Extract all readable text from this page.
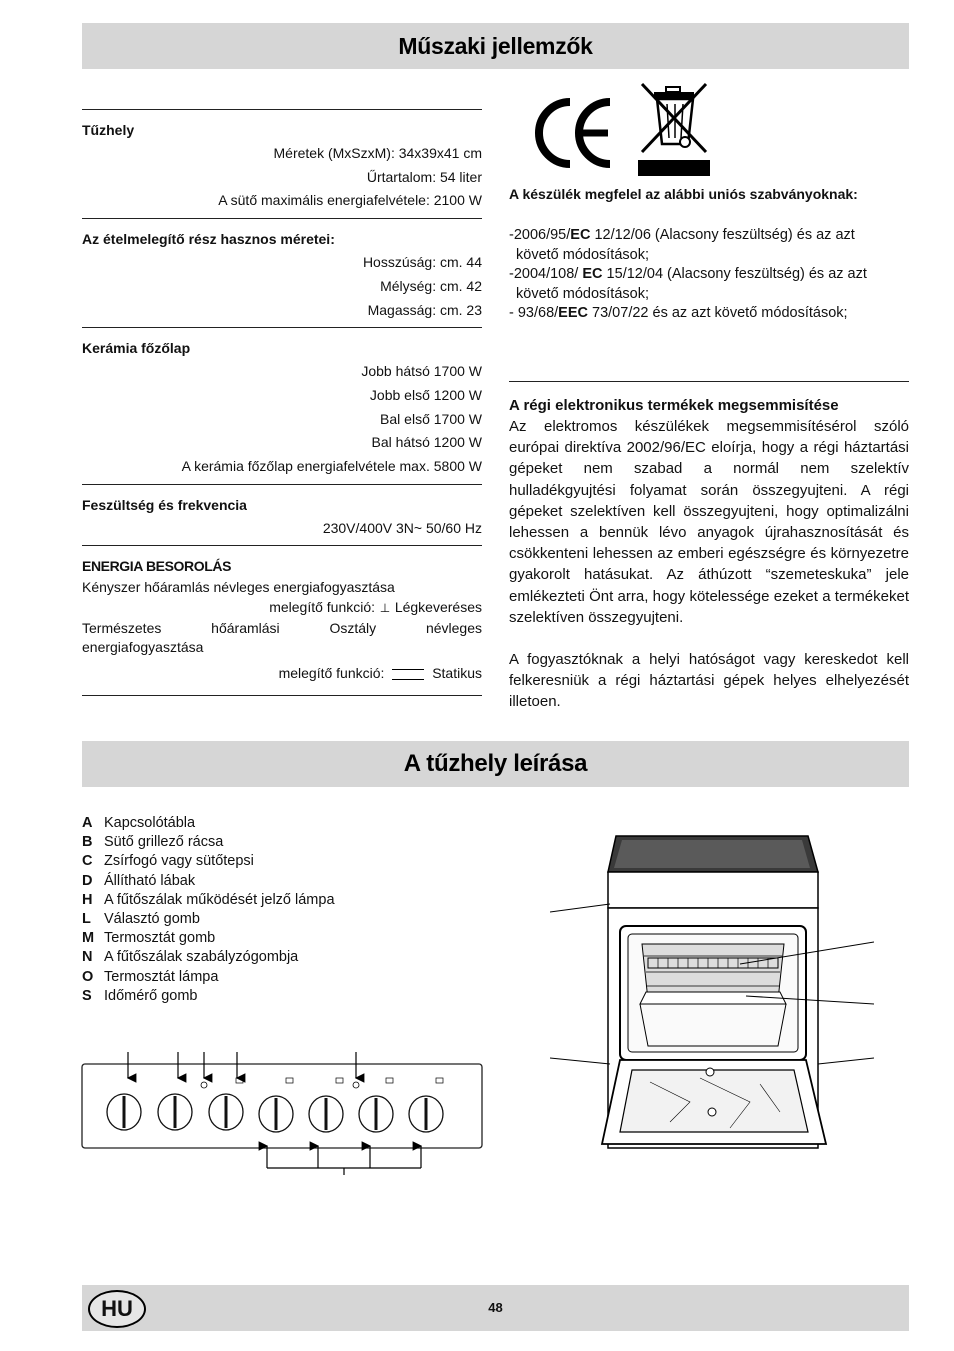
Műszaki jellemzők
Tűzhely
Méretek (MxSzxM): 34x39x41 cm
Űrtartalom: 54 liter
A sütő maximális energiafelvétele: 2100 W
Az ételmelegítő rész hasznos méretei:
Hosszúság: cm. 44
Mélység: cm. 42
Magasság: cm. 23
Kerámia főzőlap
Jobb hátsó 1700 W
Jobb első 1200 W
Bal első 1700 W
Bal hátsó 1200 W
A kerámia főzőlap energiafelvétele max. 5800 W
Feszültség és frekvencia
230V/400V 3N~ 50/60 Hz
ENERGIA BESOROLÁS
Kényszer hőáramlás névleges energiafogyasztása
melegítő funkció: ⊥ Légkeveréses
Természetes hőáramlási Osztály névleges
energiafogyasztása
melegítő funkció:	Statikus
A készülék megfelel az alábbi uniós szabványoknak:
-2006/95/EC 12/12/06 (Alacsony feszültség) és az azt
követő módosítások;
-2004/108/ EC 15/12/04 (Alacsony feszültség) és az azt
követő módosítások;
- 93/68/EEC 73/07/22 és az azt követő módosítások;
A régi elektronikus termékek megsemmisítése

Az elektromos készülékek megsemmisítésérol szóló európai direktíva 2002/96/EC eloírja, hogy a régi háztartási gépeket nem szabad a normál nem szelektív hulladékgyujtési folyamat során összegyujteni. A régi gépeket szelektíven kell összegyujteni, hogy optimalizálni lehessen a bennük lévo anyagok újrahasznosítását és csökkenteni lehessen az emberi egészségre és környezetre gyakorolt hatásukat. Az áthúzott “szemeteskuka” jele emlékezteti Önt arra, hogy kötelessége ezeket a termékeket szelektíven összegyujteni.

A fogyasztóknak a helyi hatóságot vagy kereskedot kell felkeresniük a régi háztartási gépek helyes elhelyezését illetoen.

A tűzhely leírása
A Kapcsolótábla
B Sütő grillező rácsa
C Zsírfogó vagy sütőtepsi
D Állítható lábak
H A fűtőszálak működését jelző lámpa
L Választó gomb
M Termosztát gomb
N A fűtőszálak szabályzógombja
O Termosztát lámpa
S Időmérő gomb
HU	48
